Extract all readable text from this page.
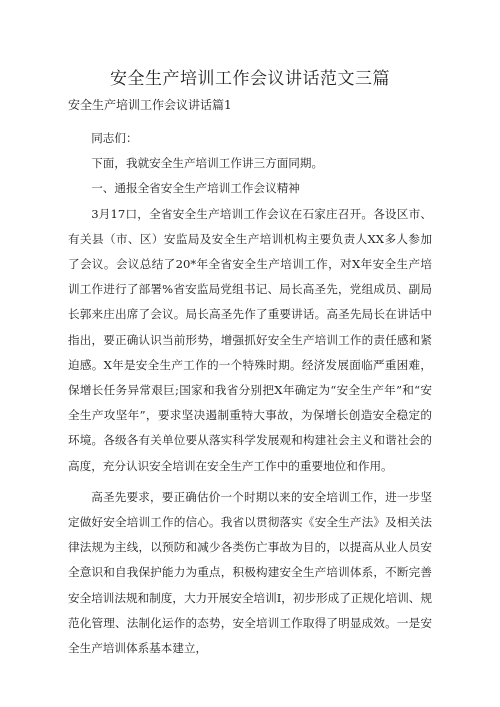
安全生产培训工作会议讲话范文三篇
安全生产培训工作会议讲话篇1

同志们：

下面，我就安全生产培训工作讲三方面同期。

一、通报全省安全生产培训工作会议精神

3月17口，全省安全生产培训工作会议在石家庄召开。各设区市、有关县（市、区）安监局及安全生产培训机构主要负责人XX多人参加了会议。会议总结了20*年全省安全生产培训工作，对X年安全生产培训工作进行了部署%省安监局党组书记、局长高圣先，党组成员、副局长郭来庄出席了会议。局长高圣先作了重要讲话。高圣先局长在讲话中指出，要正确认识当前形势，增强抓好安全生产培训工作的责任感和紧迫感。X年是安全生产工作的一个特殊时期。经济发展面临严重困难，保增长任务异常艰巨;国家和我省分别把X年确定为“安全生产年”和“安全生产攻坚年”，要求坚决遏制重特大事故，为保增长创造安全稳定的环境。各级各有关单位要从落实科学发展观和构建社会主义和谐社会的高度，充分认识安全培训在安全生产工作中的重要地位和作用。

高圣先要求，要正确估价一个时期以来的安全培训工作，进一步坚定做好安全培训工作的信心。我省以贯彻落实《安全生产法》及相关法律法规为主线，以预防和减少各类伤亡事故为目的，以提高从业人员安全意识和自我保护能力为重点，积极构建安全生产培训体系，不断完善安全培训法规和制度，大力开展安全培训I，初步形成了正规化培训、规范化管理、法制化运作的态势，安全培训工作取得了明显成效。一是安全生产培训体系基本建立，
